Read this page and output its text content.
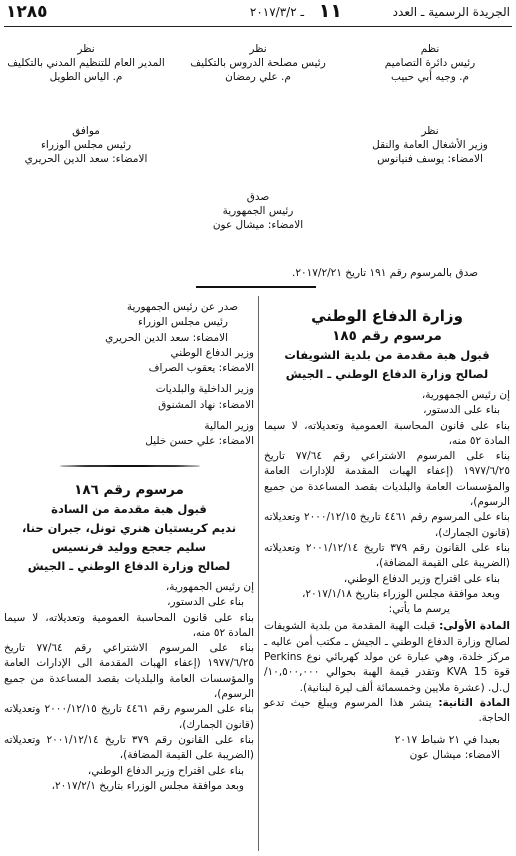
الجريدة الرسمية ـ العدد
١١
ـ ٢٠١٧/٣/٢
١٢٨٥
نظم
رئيس دائرة التصاميم
م. وجيه أبي حبيب
نظر
رئيس مصلحة الدروس بالتكليف
م. علي رمضان
نظر
المدير العام للتنظيم المدني بالتكليف
م. الياس الطويل
نظر
وزير الأشغال العامة والنقل
الامضاء: يوسف فنيانوس
موافق
رئيس مجلس الوزراء
الامضاء: سعد الدين الحريري
صدق
رئيس الجمهورية
الامضاء: ميشال عون
صدق بالمرسوم رقم ١٩١ تاريخ ٢٠١٧/٢/٢١.
وزارة الدفاع الوطني
مرسوم رقم ١٨٥
قبول هبة مقدمة من بلدية الشويفات
لصالح وزارة الدفاع الوطني ـ الجيش

إن رئيس الجمهورية،

بناء على الدستور،

بناء على قانون المحاسبة العمومية وتعديلاته، لا سيما المادة ٥٢ منه،

بناء على المرسوم الاشتراعي رقم ٧٧/٦٤ تاريخ ١٩٧٧/٦/٢٥ (إعفاء الهبات المقدمة للإدارات العامة والمؤسسات العامة والبلديات بقصد المساعدة من جميع الرسوم)،

بناء على المرسوم رقم ٤٤٦١ تاريخ ٢٠٠٠/١٢/١٥ وتعديلاته (قانون الجمارك)،

بناء على القانون رقم ٣٧٩ تاريخ ٢٠٠١/١٢/١٤ وتعديلاته (الضريبة على القيمة المضافة)،

بناء على اقتراح وزير الدفاع الوطني،

وبعد موافقة مجلس الوزراء بتاريخ ٢٠١٧/١/١٨،

يرسم ما يأتي:

المادة الأولى: قبلت الهبة المقدمة من بلدية الشويفات لصالح وزارة الدفاع الوطني ـ الجيش ـ مكتب أمن عاليه ـ مركز خلدة، وهي عبارة عن مولد كهربائي نوع Perkins قوة KVA 15 وتقدر قيمة الهبة بحوالي ١٠,٥٠٠,٠٠٠/ ل.ل. (عشرة ملايين وخمسمائة ألف ليرة لبنانية).

المادة الثانية: ينشر هذا المرسوم ويبلغ حيث تدعو الحاجة.

بعبدا في ٢١ شباط ٢٠١٧

الامضاء: ميشال عون

صدر عن رئيس الجمهورية

رئيس مجلس الوزراء

الامضاء: سعد الدين الحريري

وزير الدفاع الوطني

الامضاء: يعقوب الصراف

وزير الداخلية والبلديات

الامضاء: نهاد المشنوق

وزير المالية

الامضاء: علي حسن خليل

مرسوم رقم ١٨٦
قبول هبة مقدمة من السادة
نديم كريستيان هنري تونل، جبران حنا،
سليم جعجع ووليد فرنسيس
لصالح وزارة الدفاع الوطني ـ الجيش

إن رئيس الجمهورية،

بناء على الدستور،

بناء على قانون المحاسبة العمومية وتعديلاته، لا سيما المادة ٥٢ منه،

بناء على المرسوم الاشتراعي رقم ٧٧/٦٤ تاريخ ١٩٧٧/٦/٢٥ (إعفاء الهبات المقدمة الى الإدارات العامة والمؤسسات العامة والبلديات بقصد المساعدة من جميع الرسوم)،

بناء على المرسوم رقم ٤٤٦١ تاريخ ٢٠٠٠/١٢/١٥ وتعديلاته (قانون الجمارك)،

بناء على القانون رقم ٣٧٩ تاريخ ٢٠٠١/١٢/١٤ وتعديلاته (الضريبة على القيمة المضافة)،

بناء على اقتراح وزير الدفاع الوطني،

وبعد موافقة مجلس الوزراء بتاريخ ٢٠١٧/٢/١،
